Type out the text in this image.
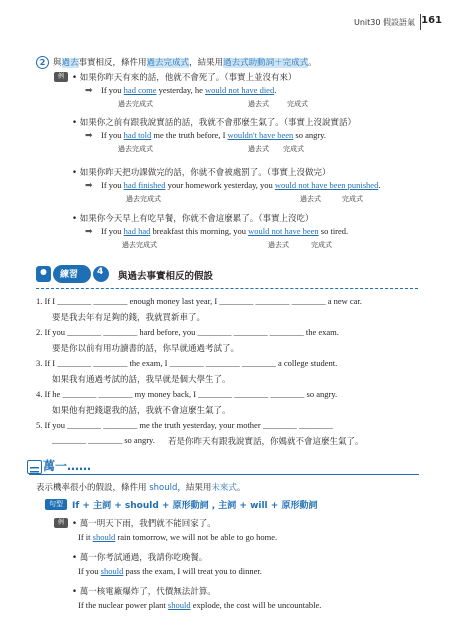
Unit30 假設語氣 161
2 與過去事實相反，條件用過去完成式，結果用過去式助動詞＋完成式。
例 • 如果你昨天有來的話，他就不會死了。（事實上並沒有來）
➡ If you had come yesterday, he would not have died.
過去完成式	過去式	完成式
• 如果你之前有跟我說實話的話，我就不會那麼生氣了。（事實上沒說實話）
➡ If you had told me the truth before, I wouldn't have been so angry.
過去完成式	過去式 完成式
• 如果你昨天把功課做完的話，你就不會被處罰了。（事實上沒做完）
➡ If you had finished your homework yesterday, you would not have been punished.
過去完成式	過去式	完成式
• 如果你今天早上有吃早餐，你就不會這麼累了。（事實上沒吃）
➡ If you had had breakfast this morning, you would not have been so tired.
過去完成式	過去式	完成式
練習 4 與過去事實相反的假設
1. If I ________ ________ enough money last year, I ________ ________ ________ a new car.
要是我去年有足夠的錢，我就買新車了。
2. If you ________ ________ hard before, you ________ ________ ________ the exam.
要是你以前有用功讀書的話，你早就通過考試了。
3. If I ________ ________ the exam, I ________ ________ ________ a college student.
如果我有通過考試的話，我早就是個大學生了。
4. If he ________ ________ my money back, I ________ ________ ________ so angry.
如果他有把錢還我的話，我就不會這麼生氣了。
5. If you ________ ________ me the truth yesterday, your mother ________ ________
________ ________ so angry. 若是你昨天有跟我說實話，你媽就不會這麼生氣了。
萬一……
表示機率很小的假設，條件用 should，結果用未來式。
句型	If + 主詞 + should + 原形動詞 , 主詞 + will + 原形動詞
例 • 萬一明天下雨，我們就不能回家了。
If it should rain tomorrow, we will not be able to go home.
• 萬一你考試通過，我請你吃晚餐。
If you should pass the exam, I will treat you to dinner.
• 萬一核電廠爆炸了，代價無法計算。
If the nuclear power plant should explode, the cost will be uncountable.
